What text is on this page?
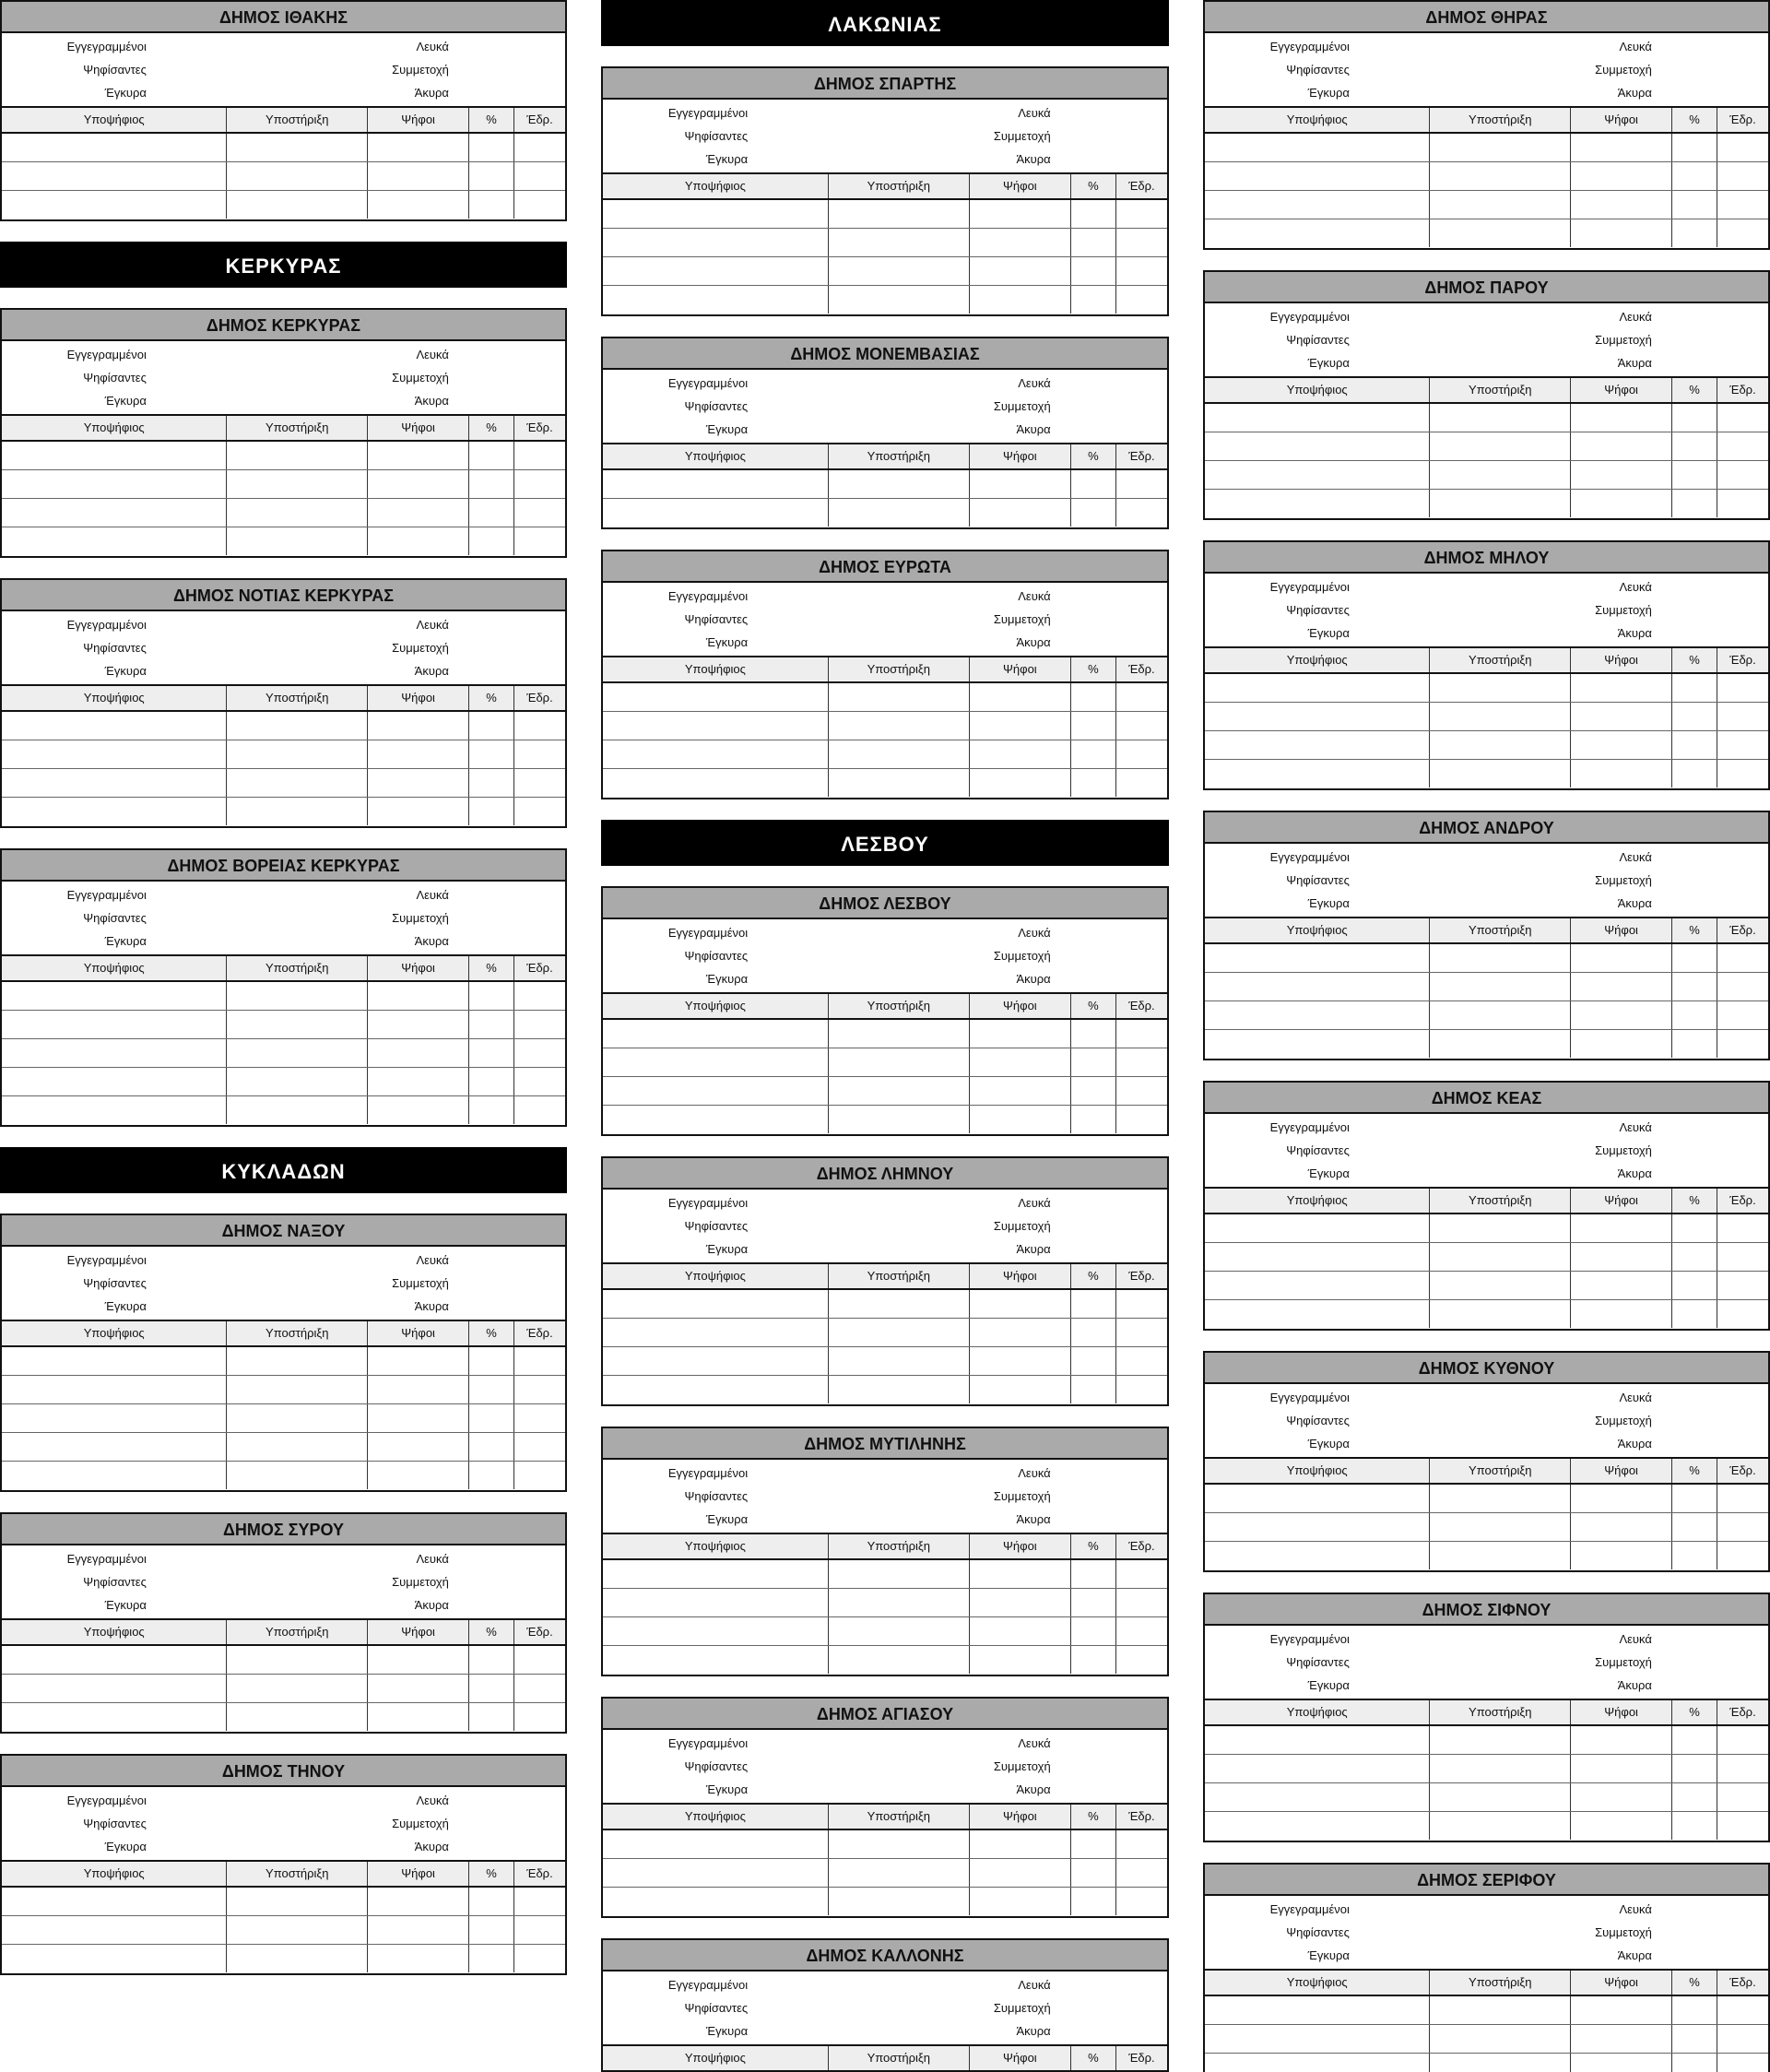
ΔΗΜΟΣ ΙΘΑΚΗΣ
Εγγεγραμμένοι	Λευκά
Ψηφίσαντες	Συμμετοχή
Έγκυρα	Άκυρα
Υποψήφιος	Υποστήριξη	Ψήφοι	%	Έδρ.
ΚΕΡΚΥΡΑΣ
ΔΗΜΟΣ ΚΕΡΚΥΡΑΣ
Εγγεγραμμένοι	Λευκά
Ψηφίσαντες	Συμμετοχή
Έγκυρα	Άκυρα
Υποψήφιος	Υποστήριξη	Ψήφοι	%	Έδρ.
ΔΗΜΟΣ ΝΟΤΙΑΣ ΚΕΡΚΥΡΑΣ
Εγγεγραμμένοι	Λευκά
Ψηφίσαντες	Συμμετοχή
Έγκυρα	Άκυρα
Υποψήφιος	Υποστήριξη	Ψήφοι	%	Έδρ.
ΔΗΜΟΣ ΒΟΡΕΙΑΣ ΚΕΡΚΥΡΑΣ
Εγγεγραμμένοι	Λευκά
Ψηφίσαντες	Συμμετοχή
Έγκυρα	Άκυρα
Υποψήφιος	Υποστήριξη	Ψήφοι	%	Έδρ.
ΚΥΚΛΑΔΩΝ
ΔΗΜΟΣ ΝΑΞΟΥ
Εγγεγραμμένοι	Λευκά
Ψηφίσαντες	Συμμετοχή
Έγκυρα	Άκυρα
Υποψήφιος	Υποστήριξη	Ψήφοι	%	Έδρ.
ΔΗΜΟΣ ΣΥΡΟΥ
Εγγεγραμμένοι	Λευκά
Ψηφίσαντες	Συμμετοχή
Έγκυρα	Άκυρα
Υποψήφιος	Υποστήριξη	Ψήφοι	%	Έδρ.
ΔΗΜΟΣ ΤΗΝΟΥ
Εγγεγραμμένοι	Λευκά
Ψηφίσαντες	Συμμετοχή
Έγκυρα	Άκυρα
Υποψήφιος	Υποστήριξη	Ψήφοι	%	Έδρ.
ΛΑΚΩΝΙΑΣ
ΔΗΜΟΣ ΣΠΑΡΤΗΣ
Εγγεγραμμένοι	Λευκά
Ψηφίσαντες	Συμμετοχή
Έγκυρα	Άκυρα
Υποψήφιος	Υποστήριξη	Ψήφοι	%	Έδρ.
ΔΗΜΟΣ ΜΟΝΕΜΒΑΣΙΑΣ
Εγγεγραμμένοι	Λευκά
Ψηφίσαντες	Συμμετοχή
Έγκυρα	Άκυρα
Υποψήφιος	Υποστήριξη	Ψήφοι	%	Έδρ.
ΔΗΜΟΣ ΕΥΡΩΤΑ
Εγγεγραμμένοι	Λευκά
Ψηφίσαντες	Συμμετοχή
Έγκυρα	Άκυρα
Υποψήφιος	Υποστήριξη	Ψήφοι	%	Έδρ.
ΛΕΣΒΟΥ
ΔΗΜΟΣ ΛΕΣΒΟΥ
Εγγεγραμμένοι	Λευκά
Ψηφίσαντες	Συμμετοχή
Έγκυρα	Άκυρα
Υποψήφιος	Υποστήριξη	Ψήφοι	%	Έδρ.
ΔΗΜΟΣ ΛΗΜΝΟΥ
Εγγεγραμμένοι	Λευκά
Ψηφίσαντες	Συμμετοχή
Έγκυρα	Άκυρα
Υποψήφιος	Υποστήριξη	Ψήφοι	%	Έδρ.
ΔΗΜΟΣ ΜΥΤΙΛΗΝΗΣ
Εγγεγραμμένοι	Λευκά
Ψηφίσαντες	Συμμετοχή
Έγκυρα	Άκυρα
Υποψήφιος	Υποστήριξη	Ψήφοι	%	Έδρ.
ΔΗΜΟΣ ΑΓΙΑΣΟΥ
Εγγεγραμμένοι	Λευκά
Ψηφίσαντες	Συμμετοχή
Έγκυρα	Άκυρα
Υποψήφιος	Υποστήριξη	Ψήφοι	%	Έδρ.
ΔΗΜΟΣ ΚΑΛΛΟΝΗΣ
Εγγεγραμμένοι	Λευκά
Ψηφίσαντες	Συμμετοχή
Έγκυρα	Άκυρα
Υποψήφιος	Υποστήριξη	Ψήφοι	%	Έδρ.
ΔΗΜΟΣ ΘΗΡΑΣ
Εγγεγραμμένοι	Λευκά
Ψηφίσαντες	Συμμετοχή
Έγκυρα	Άκυρα
Υποψήφιος	Υποστήριξη	Ψήφοι	%	Έδρ.
ΔΗΜΟΣ ΠΑΡΟΥ
Εγγεγραμμένοι	Λευκά
Ψηφίσαντες	Συμμετοχή
Έγκυρα	Άκυρα
Υποψήφιος	Υποστήριξη	Ψήφοι	%	Έδρ.
ΔΗΜΟΣ ΜΗΛΟΥ
Εγγεγραμμένοι	Λευκά
Ψηφίσαντες	Συμμετοχή
Έγκυρα	Άκυρα
Υποψήφιος	Υποστήριξη	Ψήφοι	%	Έδρ.
ΔΗΜΟΣ ΑΝΔΡΟΥ
Εγγεγραμμένοι	Λευκά
Ψηφίσαντες	Συμμετοχή
Έγκυρα	Άκυρα
Υποψήφιος	Υποστήριξη	Ψήφοι	%	Έδρ.
ΔΗΜΟΣ ΚΕΑΣ
Εγγεγραμμένοι	Λευκά
Ψηφίσαντες	Συμμετοχή
Έγκυρα	Άκυρα
Υποψήφιος	Υποστήριξη	Ψήφοι	%	Έδρ.
ΔΗΜΟΣ ΚΥΘΝΟΥ
Εγγεγραμμένοι	Λευκά
Ψηφίσαντες	Συμμετοχή
Έγκυρα	Άκυρα
Υποψήφιος	Υποστήριξη	Ψήφοι	%	Έδρ.
ΔΗΜΟΣ ΣΙΦΝΟΥ
Εγγεγραμμένοι	Λευκά
Ψηφίσαντες	Συμμετοχή
Έγκυρα	Άκυρα
Υποψήφιος	Υποστήριξη	Ψήφοι	%	Έδρ.
ΔΗΜΟΣ ΣΕΡΙΦΟΥ
Εγγεγραμμένοι	Λευκά
Ψηφίσαντες	Συμμετοχή
Έγκυρα	Άκυρα
Υποψήφιος	Υποστήριξη	Ψήφοι	%	Έδρ.
